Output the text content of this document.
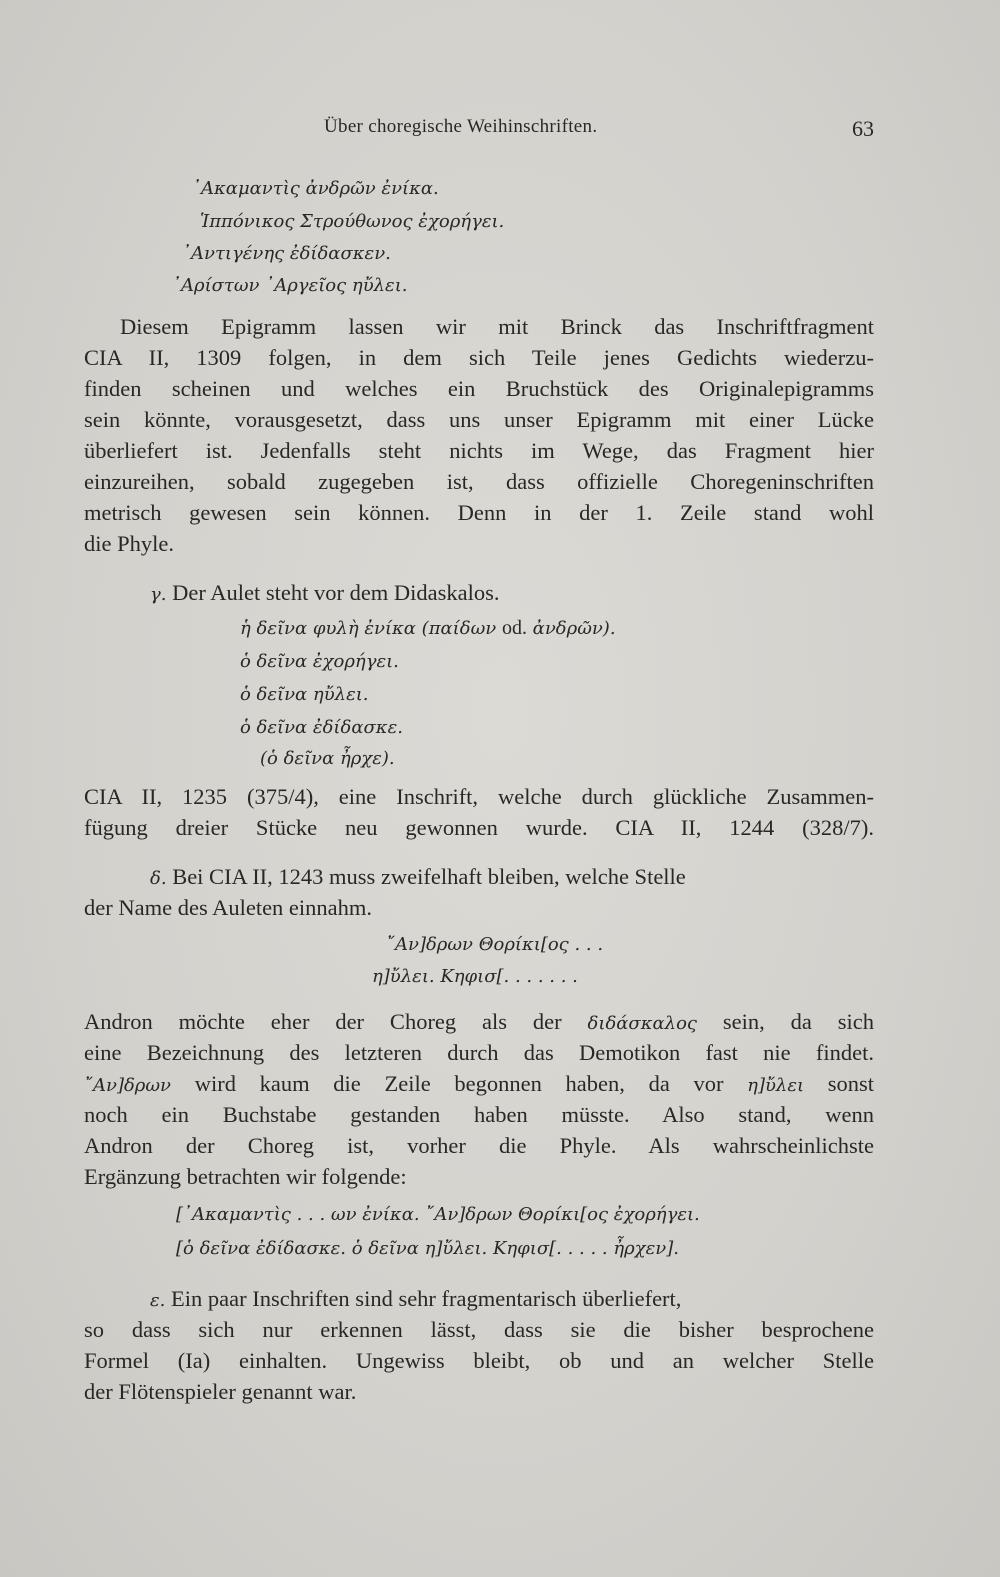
Über choregische Weihinschriften.	63
᾿Ακαμαντὶς ἀνδρῶν ἐνίκα.
Ἱππόνικος Στρούθωνος ἐχορήγει.
᾿Αντιγένης ἐδίδασκεν.
᾿Αρίστων ᾿Αργεῖος ηὔλει.
Diesem Epigramm lassen wir mit Brinck das Inschriftfragment
CIA II, 1309 folgen, in dem sich Teile jenes Gedichts wiederzu-
finden scheinen und welches ein Bruchstück des Originalepigramms
sein könnte, vorausgesetzt, dass uns unser Epigramm mit einer Lücke
überliefert ist. Jedenfalls steht nichts im Wege, das Fragment hier
einzureihen, sobald zugegeben ist, dass offizielle Choregeninschriften
metrisch gewesen sein können. Denn in der 1. Zeile stand wohl
die Phyle.
γ. Der Aulet steht vor dem Didaskalos.
ἡ δεῖνα φυλὴ ἐνίκα (παίδων od. ἀνδρῶν).
ὁ δεῖνα ἐχορήγει.
ὁ δεῖνα ηὔλει.
ὁ δεῖνα ἐδίδασκε.
(ὁ δεῖνα ἦρχε).
CIA II, 1235 (375/4), eine Inschrift, welche durch glückliche Zusammen-
fügung dreier Stücke neu gewonnen wurde. CIA II, 1244 (328/7).
δ. Bei CIA II, 1243 muss zweifelhaft bleiben, welche Stelle
der Name des Auleten einnahm.
῎Αν]δρων Θορίκι[ος . . .
η]ὔλει. Κηφισ[. . . . . . .
Andron möchte eher der Choreg als der διδάσκαλος sein, da sich
eine Bezeichnung des letzteren durch das Demotikon fast nie findet.
῎Αν]δρων wird kaum die Zeile begonnen haben, da vor η]ὔλει sonst
noch ein Buchstabe gestanden haben müsste. Also stand, wenn
Andron der Choreg ist, vorher die Phyle. Als wahrscheinlichste
Ergänzung betrachten wir folgende:
[᾿Ακαμαντὶς . . . ων ἐνίκα. ῎Αν]δρων Θορίκι[ος ἐχορήγει.
[ὁ δεῖνα ἐδίδασκε. ὁ δεῖνα η]ὔλει. Κηφισ[. . . . . ἦρχεν].
ε. Ein paar Inschriften sind sehr fragmentarisch überliefert,
so dass sich nur erkennen lässt, dass sie die bisher besprochene
Formel (Ia) einhalten. Ungewiss bleibt, ob und an welcher Stelle
der Flötenspieler genannt war.
